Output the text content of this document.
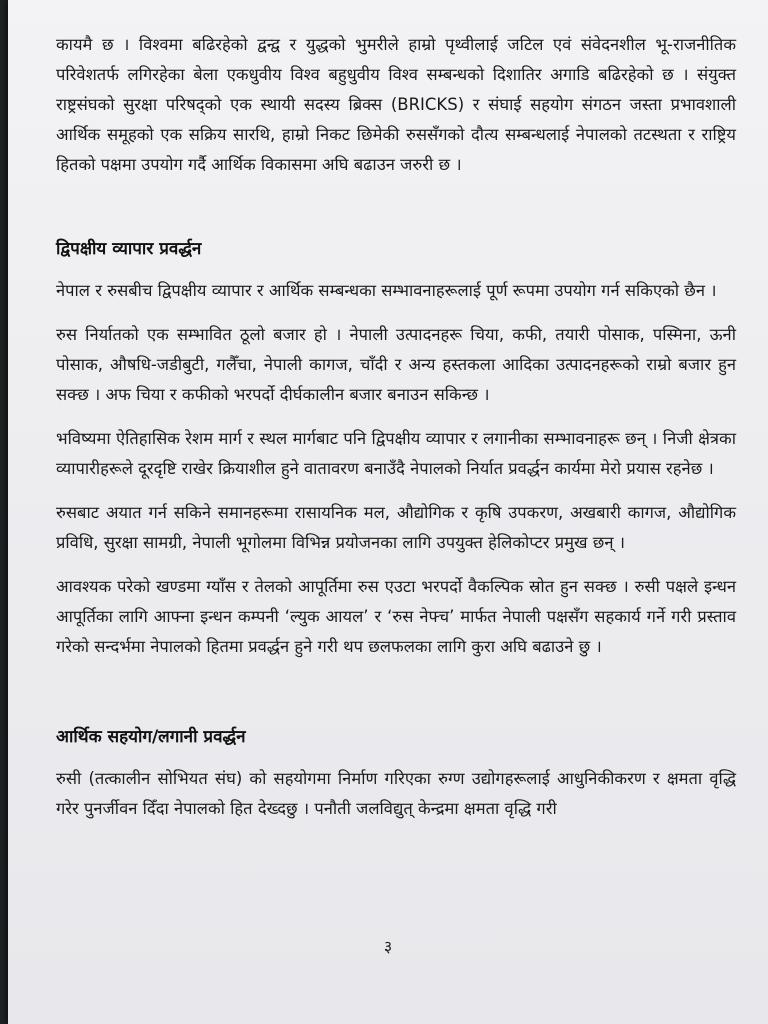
कायमै छ । विश्वमा बढिरहेको द्वन्द्व र युद्धको भुमरीले हाम्रो पृथ्वीलाई जटिल एवं संवेदनशील भू-राजनीतिक परिवेशतर्फ लगिरहेका बेला एकधुवीय विश्व बहुधुवीय विश्व सम्बन्धको दिशातिर अगाडि बढिरहेको छ । संयुक्त राष्ट्रसंघको सुरक्षा परिषद्को एक स्थायी सदस्य ब्रिक्स (BRICKS) र संघाई सहयोग संगठन जस्ता प्रभावशाली आर्थिक समूहको एक सक्रिय सारथि, हाम्रो निकट छिमेकी रुससँगको दौत्य सम्बन्धलाई नेपालको तटस्थता र राष्ट्रिय हितको पक्षमा उपयोग गर्दै आर्थिक विकासमा अघि बढाउन जरुरी छ ।

द्विपक्षीय व्यापार प्रवर्द्धन

नेपाल र रुसबीच द्विपक्षीय व्यापार र आर्थिक सम्बन्धका सम्भावनाहरूलाई पूर्ण रूपमा उपयोग गर्न सकिएको छैन ।

रुस निर्यातको एक सम्भावित ठूलो बजार हो । नेपाली उत्पादनहरू चिया, कफी, तयारी पोसाक, पस्मिना, ऊनी पोसाक, औषधि-जडीबुटी, गलैँचा, नेपाली कागज, चाँदी र अन्य हस्तकला आदिका उत्पादनहरूको राम्रो बजार हुन सक्छ । अफ चिया र कफीको भरपर्दो दीर्घकालीन बजार बनाउन सकिन्छ ।

भविष्यमा ऐतिहासिक रेशम मार्ग र स्थल मार्गबाट पनि द्विपक्षीय व्यापार र लगानीका सम्भावनाहरू छन् । निजी क्षेत्रका व्यापारीहरूले दूरदृष्टि राखेर क्रियाशील हुने वातावरण बनाउँदै नेपालको निर्यात प्रवर्द्धन कार्यमा मेरो प्रयास रहनेछ ।

रुसबाट अयात गर्न सकिने समानहरूमा रासायनिक मल, औद्योगिक र कृषि उपकरण, अखबारी कागज, औद्योगिक प्रविधि, सुरक्षा सामग्री, नेपाली भूगोलमा विभिन्न प्रयोजनका लागि उपयुक्त हेलिकोप्टर प्रमुख छन् ।

आवश्यक परेको खण्डमा ग्याँस र तेलको आपूर्तिमा रुस एउटा भरपर्दो वैकल्पिक स्रोत हुन सक्छ । रुसी पक्षले इन्धन आपूर्तिका लागि आफ्ना इन्धन कम्पनी ‘ल्युक आयल’ र ‘रुस नेफ्च’ मार्फत नेपाली पक्षसँग सहकार्य गर्ने गरी प्रस्ताव गरेको सन्दर्भमा नेपालको हितमा प्रवर्द्धन हुने गरी थप छलफलका लागि कुरा अघि बढाउने छु ।

आर्थिक सहयोग/लगानी प्रवर्द्धन

रुसी (तत्कालीन सोभियत संघ) को सहयोगमा निर्माण गरिएका रुग्ण उद्योगहरूलाई आधुनिकीकरण र क्षमता वृद्धि गरेर पुनर्जीवन दिँदा नेपालको हित देख्दछु । पनौती जलविद्युत् केन्द्रमा क्षमता वृद्धि गरी

३
